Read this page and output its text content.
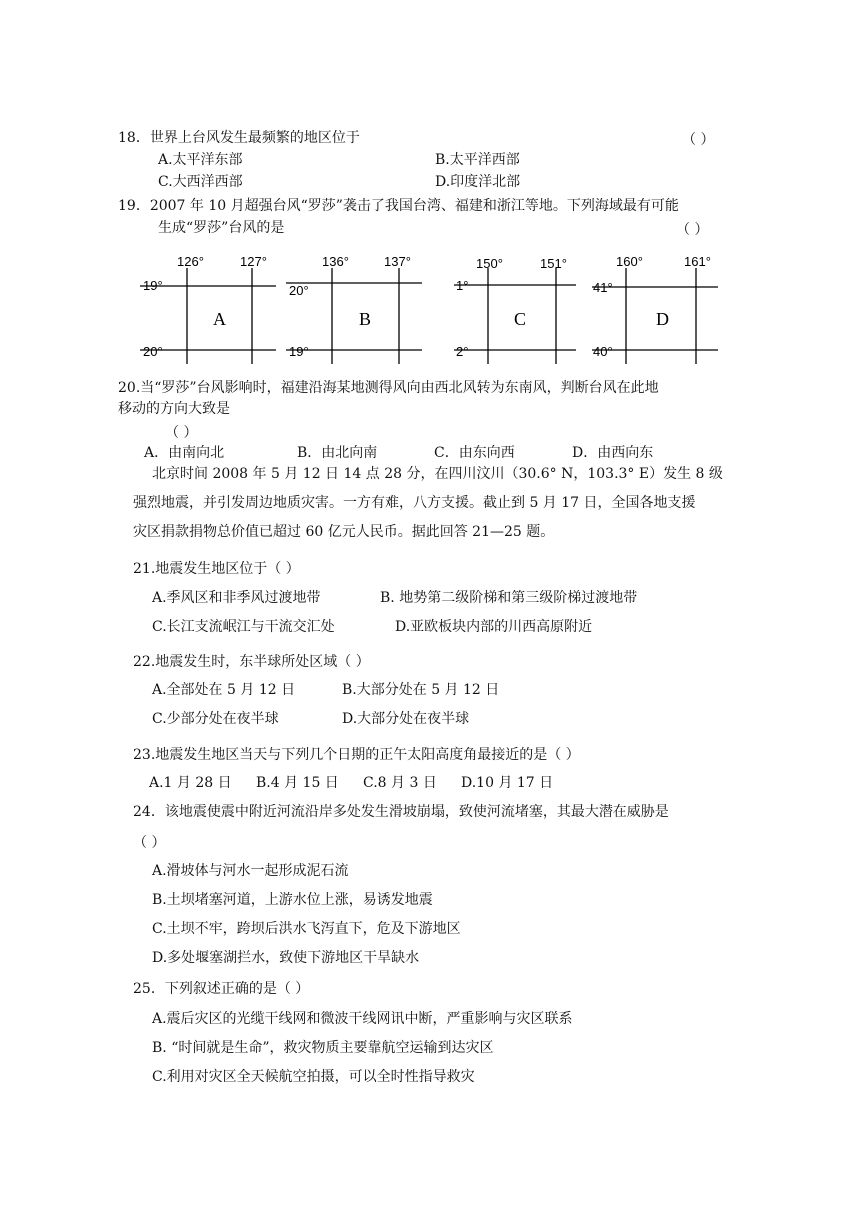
18．世界上台风发生最频繁的地区位于	（ ）
A.太平洋东部	B.太平洋西部
C.大西洋西部	D.印度洋北部
19．2007 年 10 月超强台风“罗莎”袭击了我国台湾、福建和浙江等地。下列海域最有可能
生成“罗莎”台风的是	（ ）
126°	127°
19°
20°
A
136°	137°
20°
19°
B
150°	151°
1°
2°
C
160°	161°
41°
40°
D
20.当“罗莎”台风影响时，福建沿海某地测得风向由西北风转为东南风，判断台风在此地
移动的方向大致是
（ ）
A．由南向北	B．由北向南	C．由东向西	D．由西向东
北京时间 2008 年 5 月 12 日 14 点 28 分，在四川汶川（30.6° N，103.3° E）发生 8 级
强烈地震，并引发周边地质灾害。一方有难，八方支援。截止到 5 月 17 日，全国各地支援
灾区捐款捐物总价值已超过 60 亿元人民币。据此回答 21—25 题。
21.地震发生地区位于（ ）
A.季风区和非季风过渡地带	B. 地势第二级阶梯和第三级阶梯过渡地带
C.长江支流岷江与干流交汇处	D.亚欧板块内部的川西高原附近
22.地震发生时，东半球所处区域（ ）
A.全部处在 5 月 12 日	B.大部分处在 5 月 12 日
C.少部分处在夜半球	D.大部分处在夜半球
23.地震发生地区当天与下列几个日期的正午太阳高度角最接近的是（ ）
A.1 月 28 日 B.4 月 15 日 C.8 月 3 日 D.10 月 17 日
24．该地震使震中附近河流沿岸多处发生滑坡崩塌，致使河流堵塞，其最大潜在威胁是
（ ）
A.滑坡体与河水一起形成泥石流
B.土坝堵塞河道，上游水位上涨，易诱发地震
C.土坝不牢，跨坝后洪水飞泻直下，危及下游地区
D.多处堰塞湖拦水，致使下游地区干旱缺水
25．下列叙述正确的是（ ）
A.震后灾区的光缆干线网和微波干线网讯中断，严重影响与灾区联系
B. “时间就是生命”，救灾物质主要靠航空运输到达灾区
C.利用对灾区全天候航空拍摄，可以全时性指导救灾
